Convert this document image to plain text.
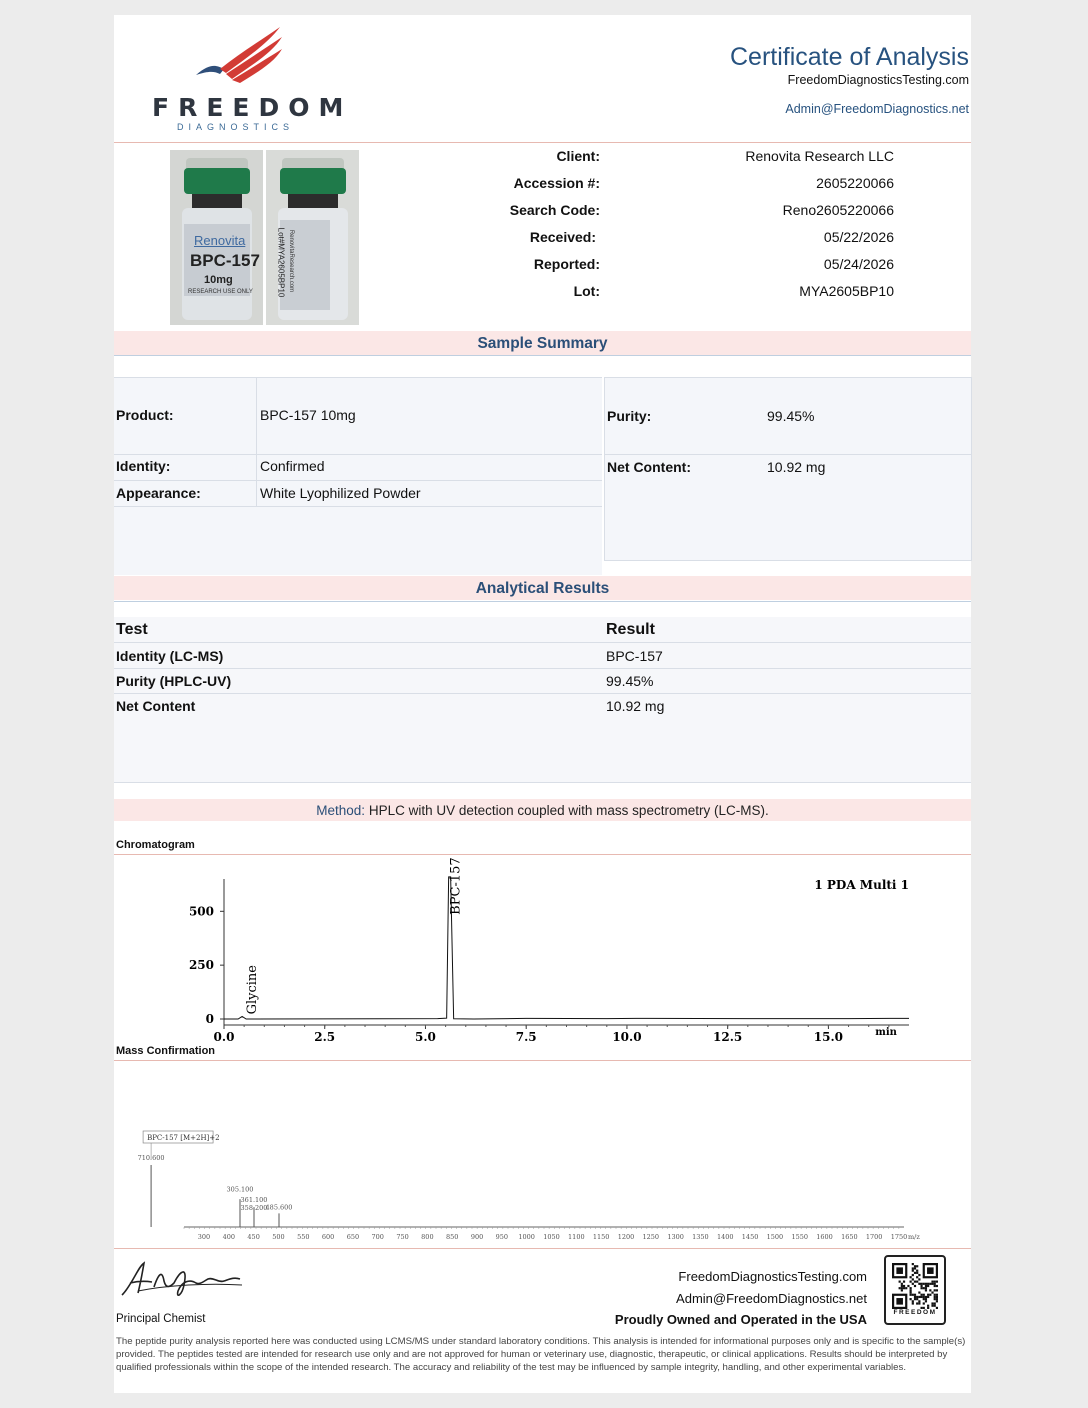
FREEDOM
DIAGNOSTICS
Certificate of Analysis
FreedomDiagnosticsTesting.com
Admin@FreedomDiagnostics.net
Renovita
BPC-157
10mg
RESEARCH USE ONLY	Lot#MYA2605BP10 RenovitaResearch.com
Client:	Renovita Research LLC
Accession #:	2605220066
Search Code:	Reno2605220066
Received:	05/22/2026
Reported:	05/24/2026
Lot:	MYA2605BP10
Sample Summary
Product:	BPC-157 10mg
Identity:	Confirmed
Appearance:	White Lyophilized Powder
Purity:	99.45%
Net Content:	10.92 mg
Analytical Results
Test	Result
Identity (LC-MS)	BPC-157
Purity (HPLC-UV)	99.45%
Net Content	10.92 mg
Method: HPLC with UV detection coupled with mass spectrometry (LC-MS).
Chromatogram
0
250
500
0.0	2.5	5.0	7.5	10.0	12.5	15.0	min
1 PDA Multi 1
BPC-157
Glycine
Mass Confirmation
300 400 450 500 550 600 650 700 750 800 850 900 950 1000 1050 1100 1150 1200 1250 1300 1350 1400 1450 1500 1550 1600 1650 1700 1750 m/z
305.100
361.100
358.200
485.600
710.600
BPC-157 [M+2H]+2
Principal Chemist
FreedomDiagnosticsTesting.com
Admin@FreedomDiagnostics.net
Proudly Owned and Operated in the USA	FREEDOM
The peptide purity analysis reported here was conducted using LCMS/MS under standard laboratory conditions. This analysis is intended for informational purposes only and is specific to the sample(s) provided. The peptides tested are intended for research use only and are not approved for human or veterinary use, diagnostic, therapeutic, or clinical applications. Results should be interpreted by qualified professionals within the scope of the intended research. The accuracy and reliability of the test may be influenced by sample integrity, handling, and other experimental variables.
